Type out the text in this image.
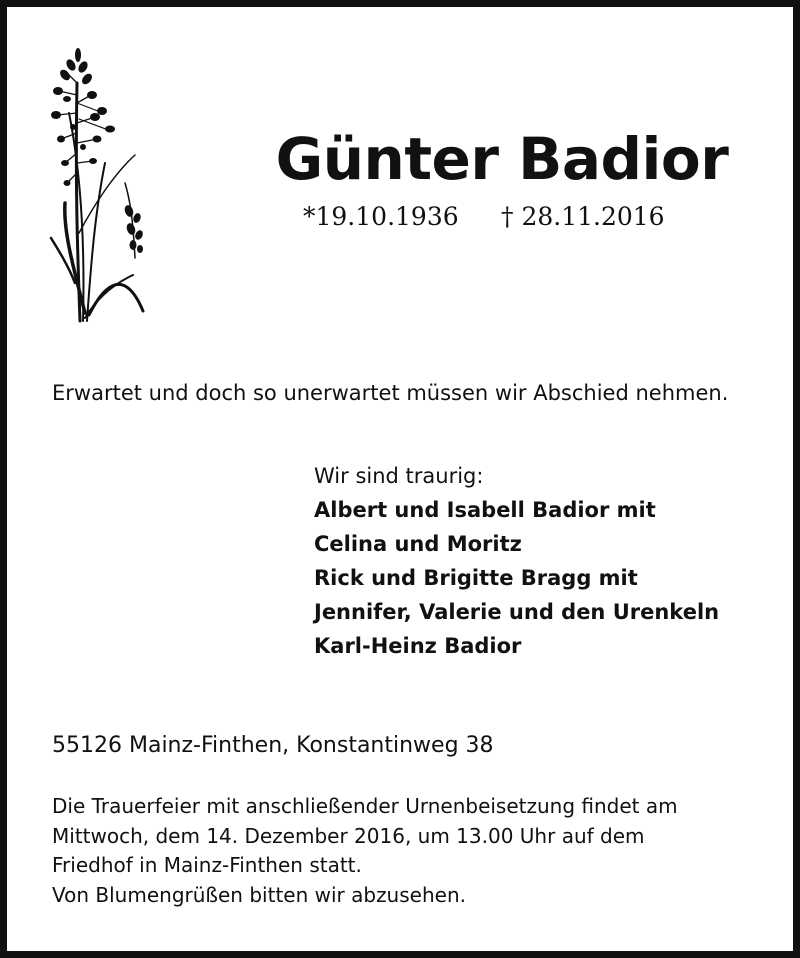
Günter Badior
*19.10.1936 † 28.11.2016
Erwartet und doch so unerwartet müssen wir Abschied nehmen.
Wir sind traurig:
Albert und Isabell Badior mit
Celina und Moritz
Rick und Brigitte Bragg mit
Jennifer, Valerie und den Urenkeln
Karl-Heinz Badior
55126 Mainz-Finthen, Konstantinweg 38
Die Trauerfeier mit anschließender Urnenbeisetzung findet am
Mittwoch, dem 14. Dezember 2016, um 13.00 Uhr auf dem
Friedhof in Mainz-Finthen statt.
Von Blumengrüßen bitten wir abzusehen.
